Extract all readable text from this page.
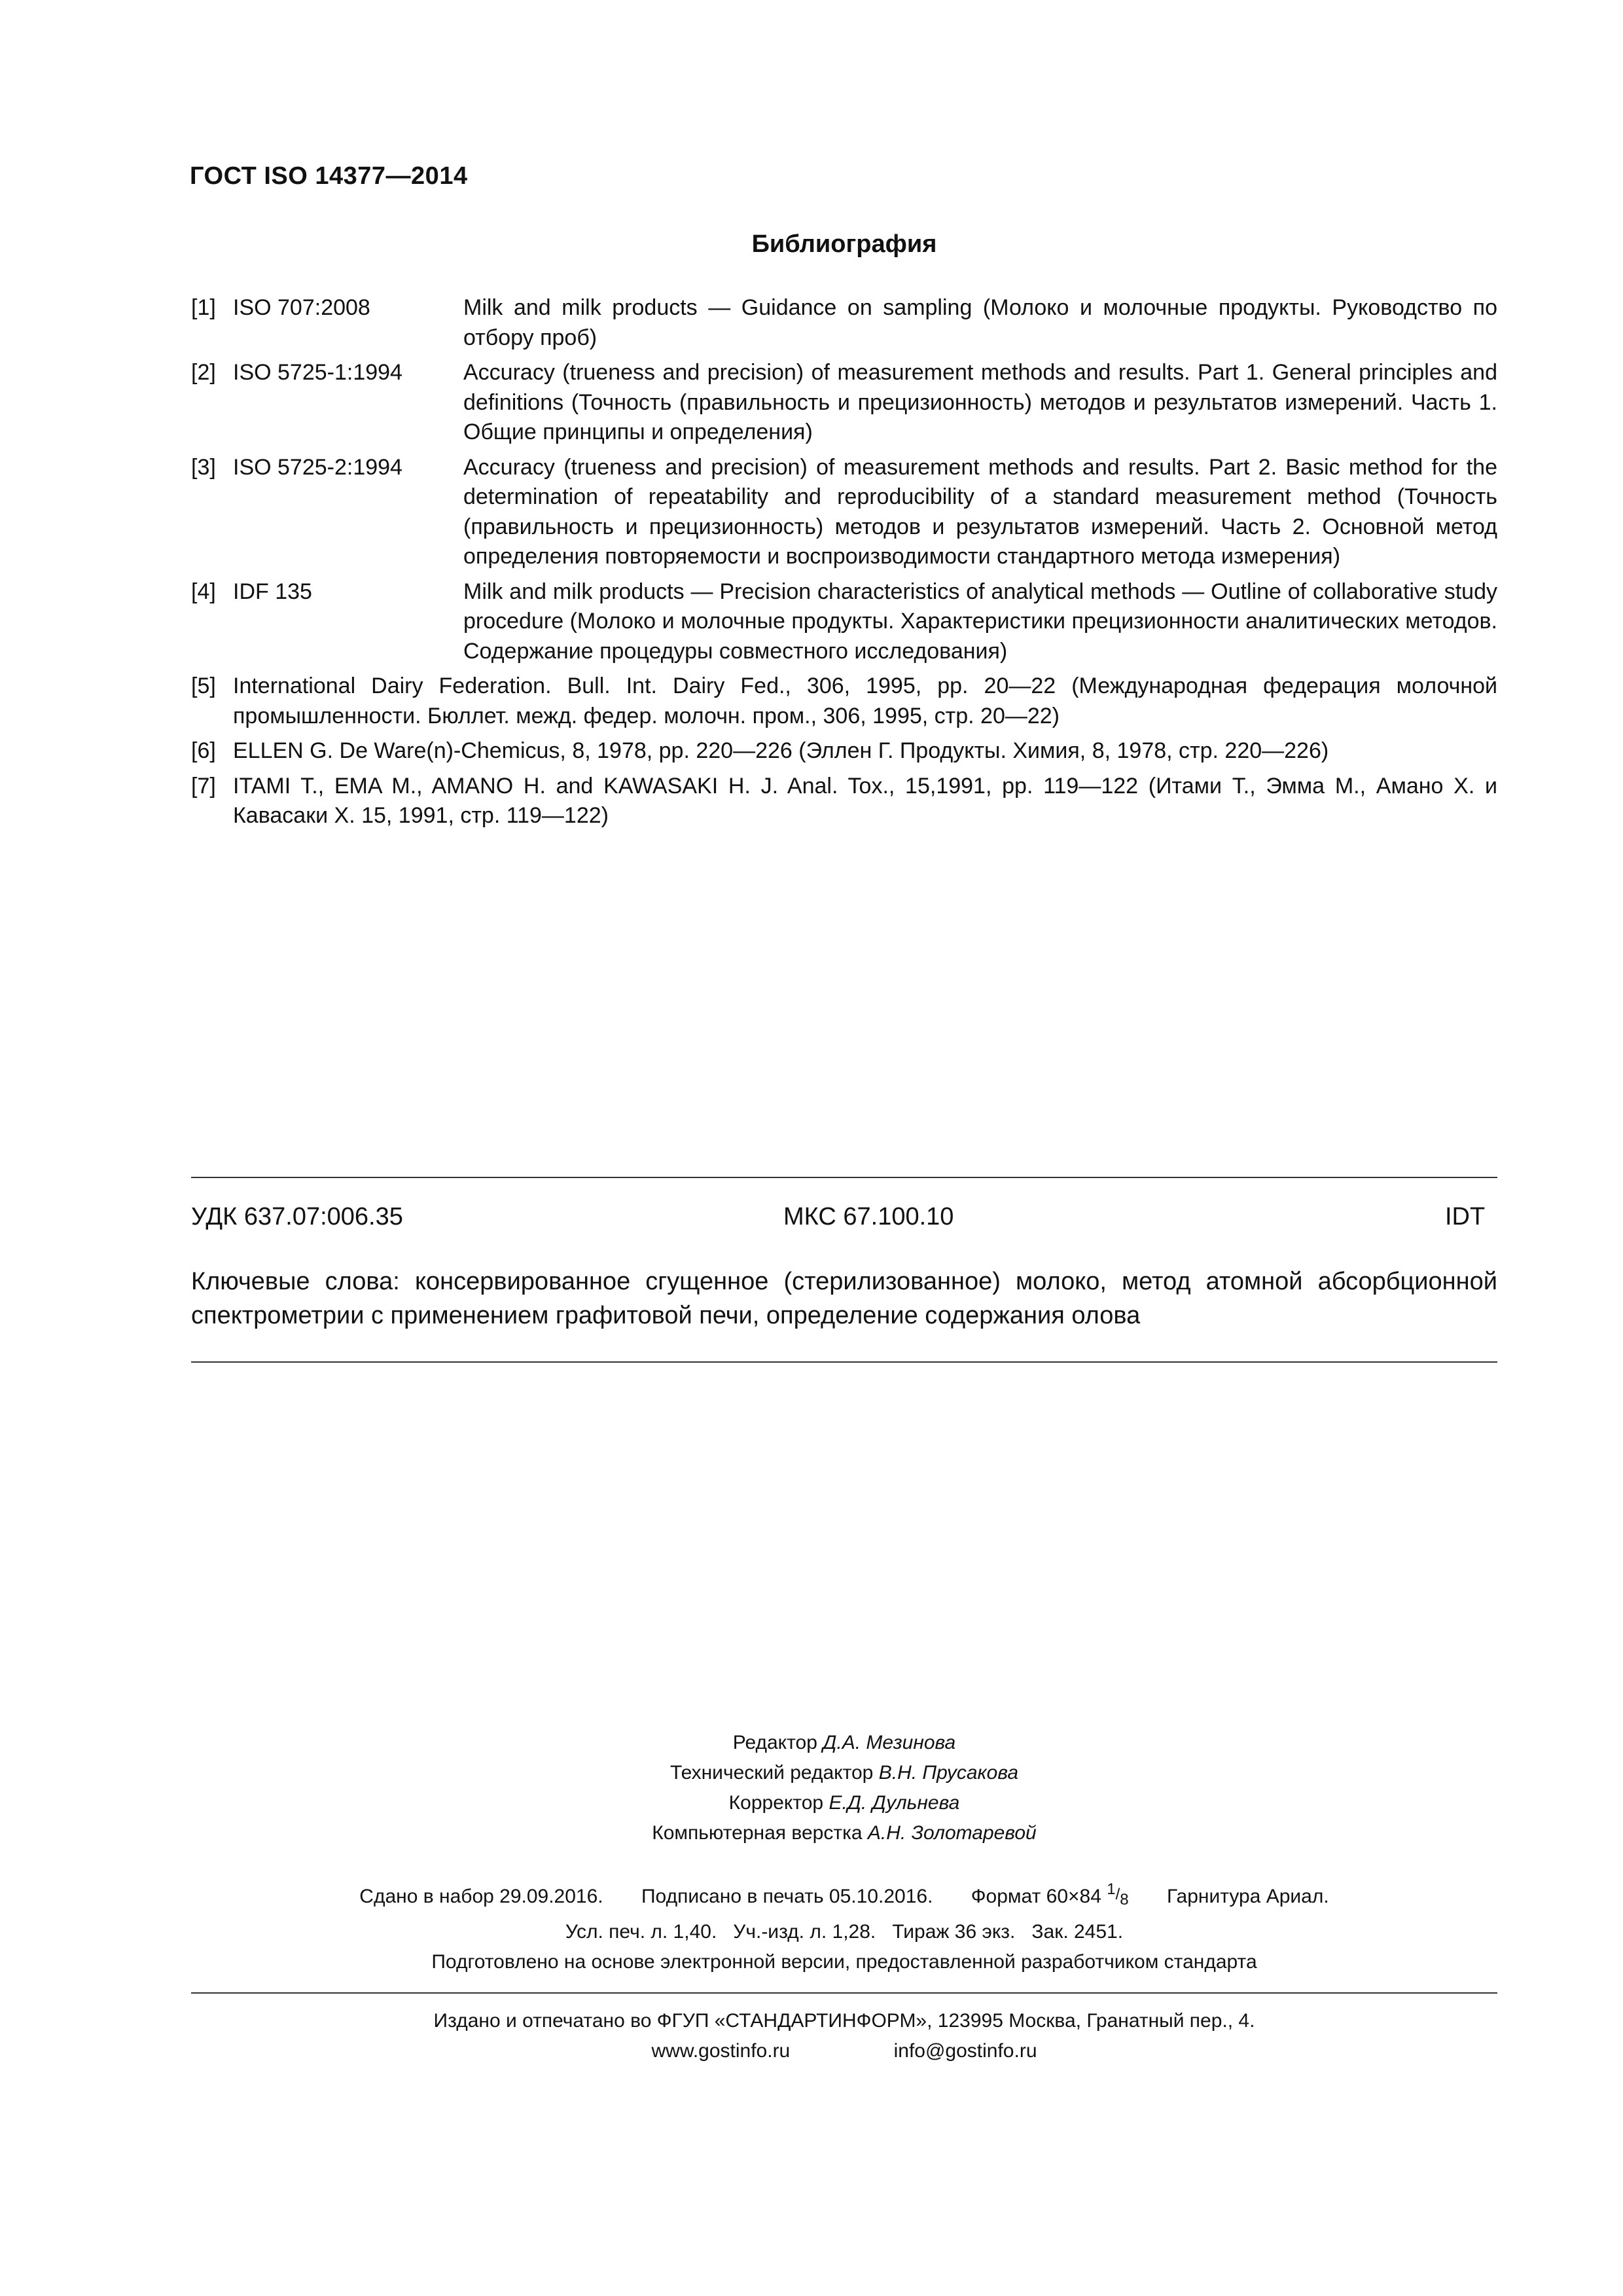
ГОСТ ISO 14377—2014
Библиография
[1] ISO 707:2008	Milk and milk products — Guidance on sampling (Молоко и молочные продукты. Руководство по отбору проб)
[2] ISO 5725-1:1994	Accuracy (trueness and precision) of measurement methods and results. Part 1. General principles and definitions (Точность (правильность и прецизионность) методов и результатов измерений. Часть 1. Общие принципы и определения)
[3] ISO 5725-2:1994	Accuracy (trueness and precision) of measurement methods and results. Part 2. Basic method for the determination of repeatability and reproducibility of a standard measurement method (Точность (правильность и прецизионность) методов и результатов измерений. Часть 2. Основной метод определения повторяемости и воспроизводимости стандартного метода измерения)
[4] IDF 135	Milk and milk products — Precision characteristics of analytical methods — Outline of collaborative study procedure (Молоко и молочные продукты. Характеристики прецизионности аналитических методов. Содержание процедуры совместного исследования)
[5] International Dairy Federation. Bull. Int. Dairy Fed., 306, 1995, pp. 20—22 (Международная федерация молочной промышленности. Бюллет. межд. федер. молочн. пром., 306, 1995, стр. 20—22)
[6] ELLEN G. De Ware(n)-Chemicus, 8, 1978, pp. 220—226 (Эллен Г. Продукты. Химия, 8, 1978, стр. 220—226)
[7] ITAMI T., EMA M., AMANO H. and KAWASAKI H. J. Anal. Tox., 15,1991, pp. 119—122 (Итами Т., Эмма М., Амано Х. и Кавасаки Х. 15, 1991, стр. 119—122)
УДК 637.07:006.35	МКС 67.100.10	IDT
Ключевые слова: консервированное сгущенное (стерилизованное) молоко, метод атомной абсорбционной спектрометрии с применением графитовой печи, определение содержания олова
Редактор Д.А. Мезинова
Технический редактор В.Н. Прусакова
Корректор Е.Д. Дульнева
Компьютерная верстка А.Н. Золотаревой
Сдано в набор 29.09.2016. Подписано в печать 05.10.2016. Формат 60×84 1/8 Гарнитура Ариал.
Усл. печ. л. 1,40. Уч.-изд. л. 1,28. Тираж 36 экз. Зак. 2451.
Подготовлено на основе электронной версии, предоставленной разработчиком стандарта
Издано и отпечатано во ФГУП «СТАНДАРТИНФОРМ», 123995 Москва, Гранатный пер., 4.
www.gostinfo.ru	info@gostinfo.ru
